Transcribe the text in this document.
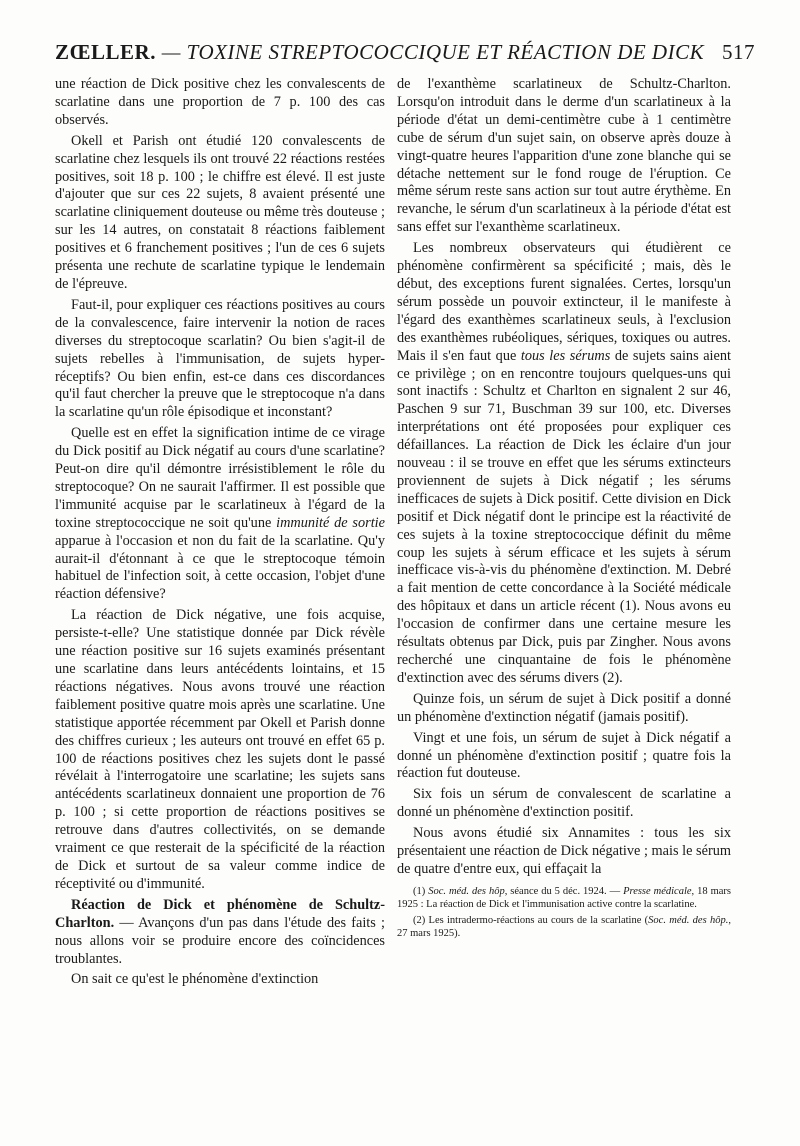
ZŒLLER. — TOXINE STREPTOCOCCIQUE ET RÉACTION DE DICK 517

une réaction de Dick positive chez les convalescents de scarlatine dans une proportion de 7 p. 100 des cas observés.

Okell et Parish ont étudié 120 convalescents de scarlatine chez lesquels ils ont trouvé 22 réactions restées positives, soit 18 p. 100 ; le chiffre est élevé. Il est juste d'ajouter que sur ces 22 sujets, 8 avaient présenté une scarlatine cliniquement douteuse ou même très douteuse ; sur les 14 autres, on constatait 8 réactions faiblement positives et 6 franchement positives ; l'un de ces 6 sujets présenta une rechute de scarlatine typique le lendemain de l'épreuve.

Faut-il, pour expliquer ces réactions positives au cours de la convalescence, faire intervenir la notion de races diverses du streptocoque scarlatin? Ou bien s'agit-il de sujets rebelles à l'immunisation, de sujets hyper-réceptifs? Ou bien enfin, est-ce dans ces discordances qu'il faut chercher la preuve que le streptocoque n'a dans la scarlatine qu'un rôle épisodique et inconstant?

Quelle est en effet la signification intime de ce virage du Dick positif au Dick négatif au cours d'une scarlatine? Peut-on dire qu'il démontre irrésistiblement le rôle du streptocoque? On ne saurait l'affirmer. Il est possible que l'immunité acquise par le scarlatineux à l'égard de la toxine streptococcique ne soit qu'une immunité de sortie apparue à l'occasion et non du fait de la scarlatine. Qu'y aurait-il d'étonnant à ce que le streptocoque témoin habituel de l'infection soit, à cette occasion, l'objet d'une réaction défensive?

La réaction de Dick négative, une fois acquise, persiste-t-elle? Une statistique donnée par Dick révèle une réaction positive sur 16 sujets examinés présentant une scarlatine dans leurs antécédents lointains, et 15 réactions négatives. Nous avons trouvé une réaction faiblement positive quatre mois après une scarlatine. Une statistique apportée récemment par Okell et Parish donne des chiffres curieux ; les auteurs ont trouvé en effet 65 p. 100 de réactions positives chez les sujets dont le passé révélait à l'interrogatoire une scarlatine; les sujets sans antécédents scarlatineux donnaient une proportion de 76 p. 100 ; si cette proportion de réactions positives se retrouve dans d'autres collectivités, on se demande vraiment ce que resterait de la spécificité de la réaction de Dick et surtout de sa valeur comme indice de réceptivité ou d'immunité.

Réaction de Dick et phénomène de Schultz-Charlton. — Avançons d'un pas dans l'étude des faits ; nous allons voir se produire encore des coïncidences troublantes.

On sait ce qu'est le phénomène d'extinction

de l'exanthème scarlatineux de Schultz-Charlton. Lorsqu'on introduit dans le derme d'un scarlatineux à la période d'état un demi-centimètre cube à 1 centimètre cube de sérum d'un sujet sain, on observe après douze à vingt-quatre heures l'apparition d'une zone blanche qui se détache nettement sur le fond rouge de l'éruption. Ce même sérum reste sans action sur tout autre érythème. En revanche, le sérum d'un scarlatineux à la période d'état est sans effet sur l'exanthème scarlatineux.

Les nombreux observateurs qui étudièrent ce phénomène confirmèrent sa spécificité ; mais, dès le début, des exceptions furent signalées. Certes, lorsqu'un sérum possède un pouvoir extincteur, il le manifeste à l'égard des exanthèmes scarlatineux seuls, à l'exclusion des exanthèmes rubéoliques, sériques, toxiques ou autres. Mais il s'en faut que tous les sérums de sujets sains aient ce privilège ; on en rencontre toujours quelques-uns qui sont inactifs : Schultz et Charlton en signalent 2 sur 46, Paschen 9 sur 71, Buschman 39 sur 100, etc. Diverses interprétations ont été proposées pour expliquer ces défaillances. La réaction de Dick les éclaire d'un jour nouveau : il se trouve en effet que les sérums extincteurs proviennent de sujets à Dick négatif ; les sérums inefficaces de sujets à Dick positif. Cette division en Dick positif et Dick négatif dont le principe est la réactivité de ces sujets à la toxine streptococcique définit du même coup les sujets à sérum efficace et les sujets à sérum inefficace vis-à-vis du phénomène d'extinction. M. Debré a fait mention de cette concordance à la Société médicale des hôpitaux et dans un article récent (1). Nous avons eu l'occasion de confirmer dans une certaine mesure les résultats obtenus par Dick, puis par Zingher. Nous avons recherché une cinquantaine de fois le phénomène d'extinction avec des sérums divers (2).

Quinze fois, un sérum de sujet à Dick positif a donné un phénomène d'extinction négatif (jamais positif).

Vingt et une fois, un sérum de sujet à Dick négatif a donné un phénomène d'extinction positif ; quatre fois la réaction fut douteuse.

Six fois un sérum de convalescent de scarlatine a donné un phénomène d'extinction positif.

Nous avons étudié six Annamites : tous les six présentaient une réaction de Dick négative ; mais le sérum de quatre d'entre eux, qui effaçait la

(1) Soc. méd. des hôp, séance du 5 déc. 1924. — Presse médicale, 18 mars 1925 : La réaction de Dick et l'immunisation active contre la scarlatine.

(2) Les intradermo-réactions au cours de la scarlatine (Soc. méd. des hôp., 27 mars 1925).
